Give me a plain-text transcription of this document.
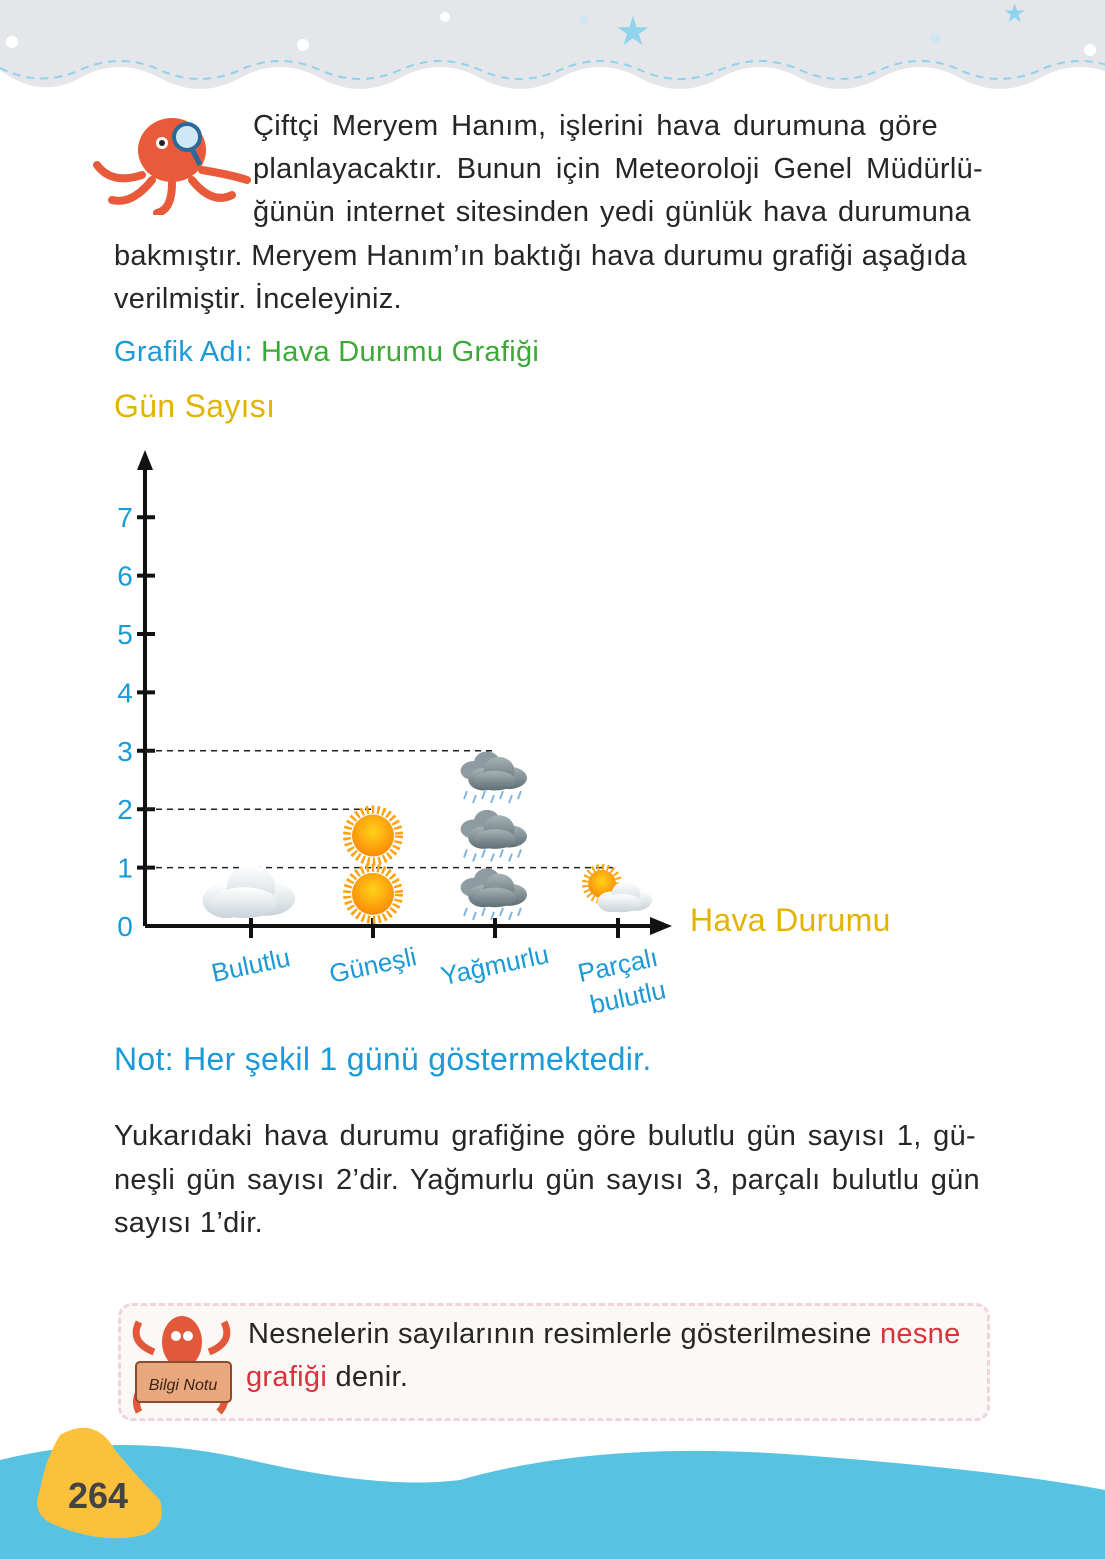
★	★
Çiftçi Meryem Hanım, işlerini hava durumuna göre
planlayacaktır. Bunun için Meteoroloji Genel Müdürlü-
ğünün internet sitesinden yedi günlük hava durumuna
bakmıştır. Meryem Hanım’ın baktığı hava durumu grafiği aşağıda
verilmiştir. İnceleyiniz.
Grafik Adı: Hava Durumu Grafiği
Gün Sayısı
0
1
2
3
4
5
6
7
Bulutlu Güneşli Yağmurlu Parçalı
bulutlu
Hava Durumu
Not: Her şekil 1 günü göstermektedir.
Yukarıdaki hava durumu grafiğine göre bulutlu gün sayısı 1, gü-
neşli gün sayısı 2’dir. Yağmurlu gün sayısı 3, parçalı bulutlu gün
sayısı 1’dir.
Bilgi Notu
Nesnelerin sayılarının resimlerle gösterilmesine nesne
grafiği denir.
264
